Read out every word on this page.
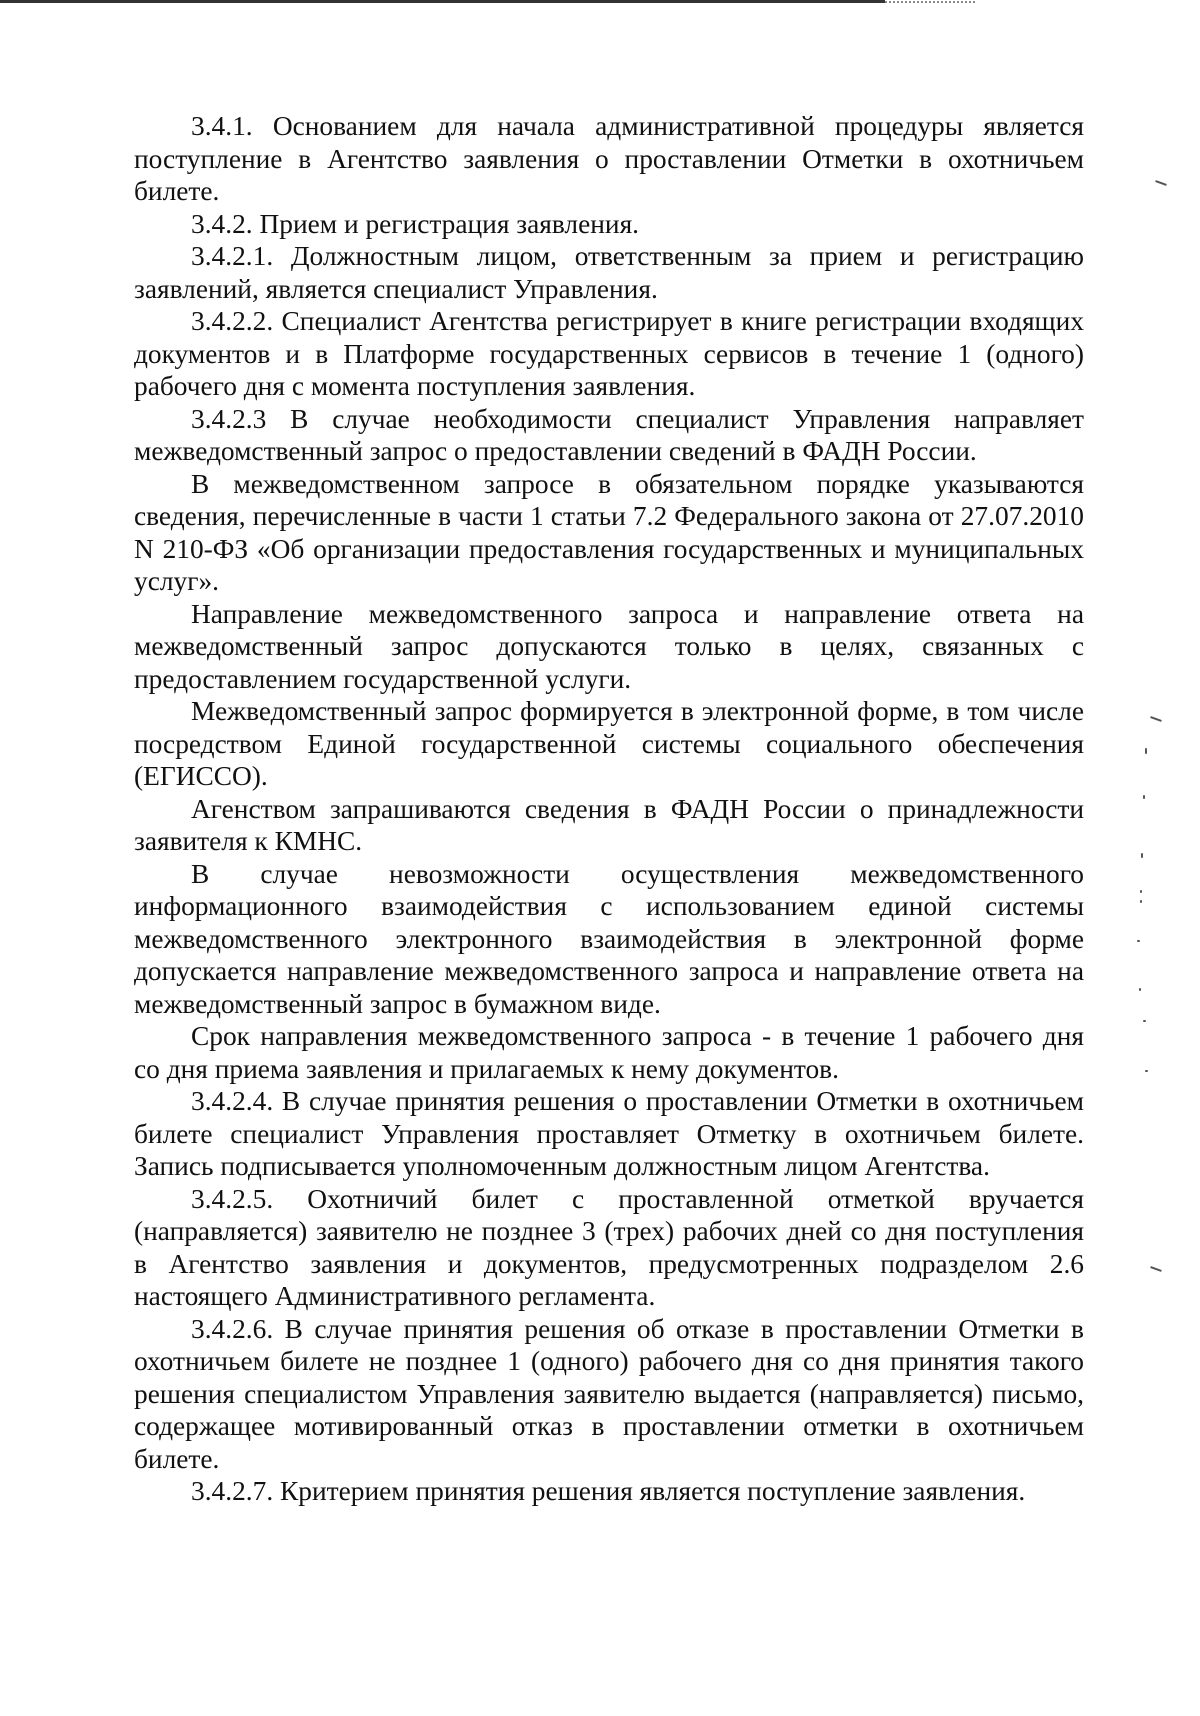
3.4.1. Основанием для начала административной процедуры является поступление в Агентство заявления о проставлении Отметки в охотничьем билете.

3.4.2. Прием и регистрация заявления.

3.4.2.1. Должностным лицом, ответственным за прием и регистрацию заявлений, является специалист Управления.

3.4.2.2. Специалист Агентства регистрирует в книге регистрации входящих документов и в Платформе государственных сервисов в течение 1 (одного) рабочего дня с момента поступления заявления.

3.4.2.3 В случае необходимости специалист Управления направляет межведомственный запрос о предоставлении сведений в ФАДН России.

В межведомственном запросе в обязательном порядке указываются сведения, перечисленные в части 1 статьи 7.2 Федерального закона от 27.07.2010 N 210-ФЗ «Об организации предоставления государственных и муниципальных услуг».

Направление межведомственного запроса и направление ответа на межведомственный запрос допускаются только в целях, связанных с предоставлением государственной услуги.

Межведомственный запрос формируется в электронной форме, в том числе посредством Единой государственной системы социального обеспечения (ЕГИССО).

Агенством запрашиваются сведения в ФАДН России о принадлежности заявителя к КМНС.

В случае невозможности осуществления межведомственного информационного взаимодействия с использованием единой системы межведомственного электронного взаимодействия в электронной форме допускается направление межведомственного запроса и направление ответа на межведомственный запрос в бумажном виде.

Срок направления межведомственного запроса - в течение 1 рабочего дня со дня приема заявления и прилагаемых к нему документов.

3.4.2.4. В случае принятия решения о проставлении Отметки в охотничьем билете специалист Управления проставляет Отметку в охотничьем билете. Запись подписывается уполномоченным должностным лицом Агентства.

3.4.2.5. Охотничий билет с проставленной отметкой вручается (направляется) заявителю не позднее 3 (трех) рабочих дней со дня поступления в Агентство заявления и документов, предусмотренных подразделом 2.6 настоящего Административного регламента.

3.4.2.6. В случае принятия решения об отказе в проставлении Отметки в охотничьем билете не позднее 1 (одного) рабочего дня со дня принятия такого решения специалистом Управления заявителю выдается (направляется) письмо, содержащее мотивированный отказ в проставлении отметки в охотничьем билете.

3.4.2.7. Критерием принятия решения является поступление заявления.
